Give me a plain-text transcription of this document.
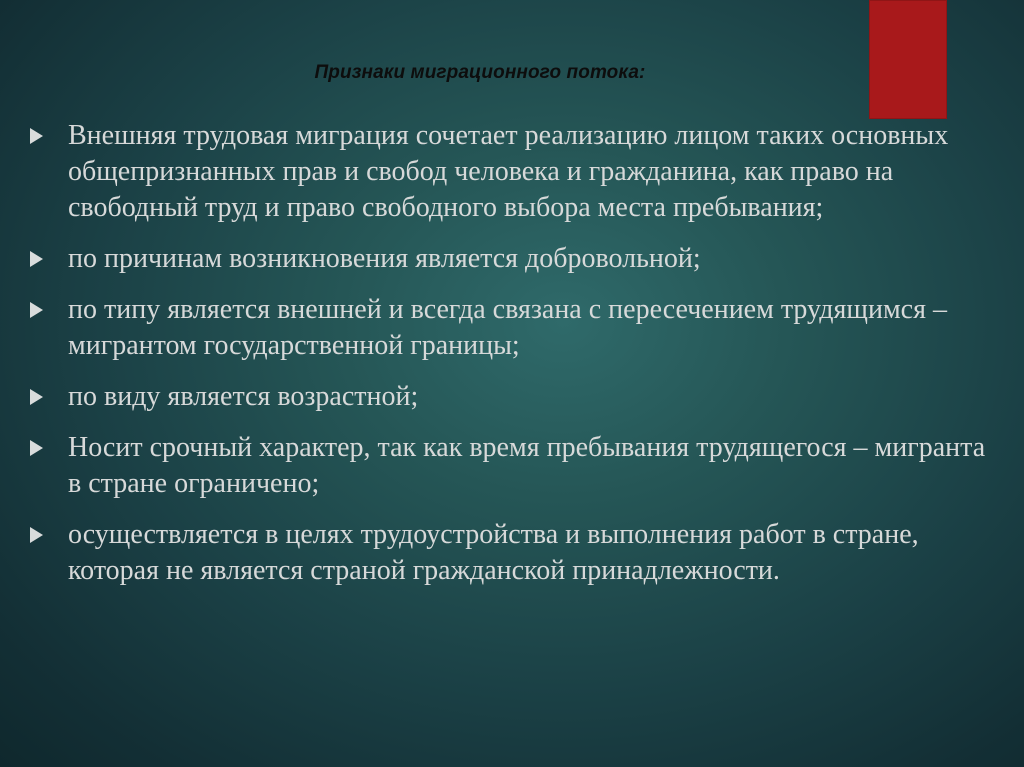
Признаки миграционного потока:
Внешняя трудовая миграция сочетает реализацию лицом таких основных общепризнанных прав и свобод человека и гражданина, как право на свободный труд и право свободного выбора места пребывания;
по причинам возникновения является добровольной;
по типу является внешней и всегда связана с пересечением трудящимся – мигрантом государственной границы;
по виду является возрастной;
Носит срочный характер, так как время пребывания трудящегося – мигранта в стране ограничено;
осуществляется в целях трудоустройства и выполнения работ в стране, которая не является страной гражданской принадлежности.
